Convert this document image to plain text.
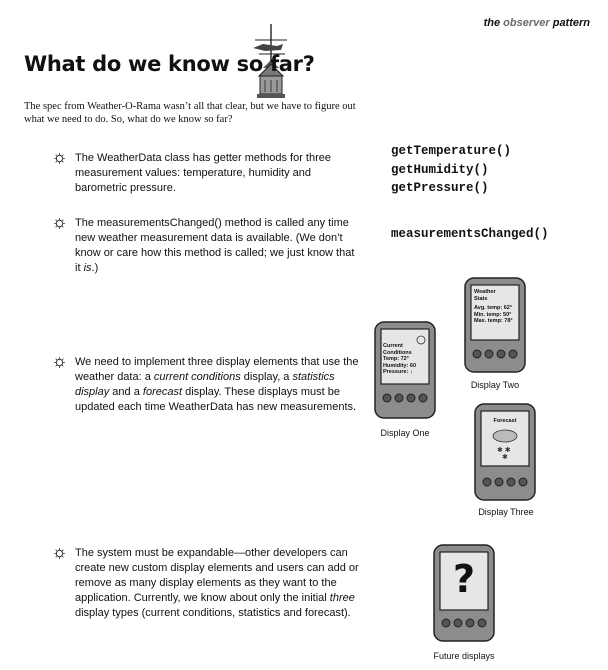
the observer pattern
What do we know so far?
The spec from Weather-O-Rama wasn’t all that clear, but we have to figure out what we need to do. So, what do we know so far?
The WeatherData class has getter methods for three measurement values: temperature, humidity and barometric pressure.
The measurementsChanged() method is called any time new weather measurement data is available. (We don’t know or care how this method is called; we just know that it is.)
We need to implement three display elements that use the weather data: a current conditions display, a statistics display and a forecast display. These displays must be updated each time WeatherData has new measurements.
The system must be expandable—other developers can create new custom display elements and users can add or remove as many display elements as they want to the application. Currently, we know about only the initial three display types (current conditions, statistics and forecast).
getTemperature()
getHumidity()
getPressure()
measurementsChanged()
Current
Conditions
Temp: 72°
Humidity: 60
Pressure: ↓
Display One
Weather
Stats
Avg. temp: 62°
Min. temp: 50°
Max. temp: 78°
Display Two
✱ ✱
✱
Forecast
Display Three
?
Future displays
